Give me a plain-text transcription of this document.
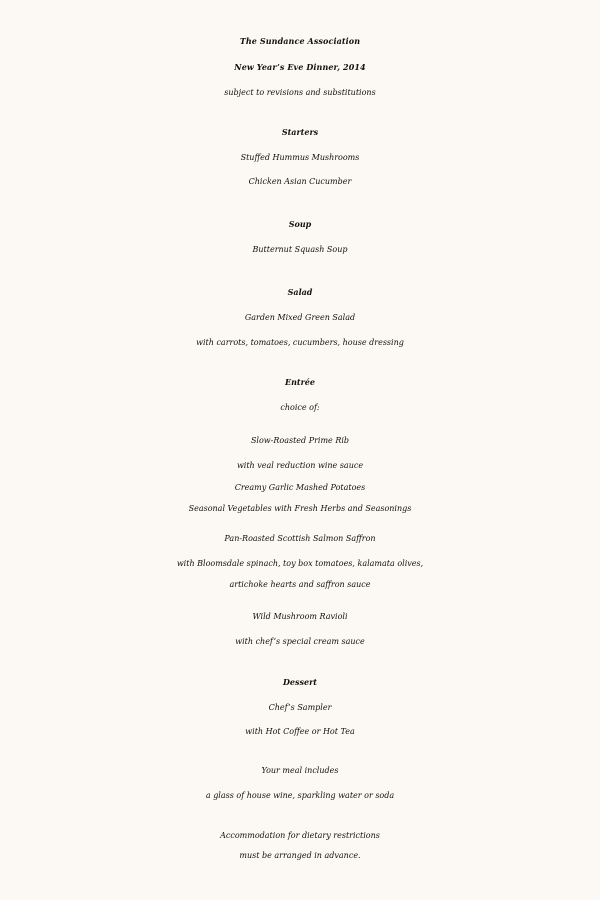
The Sundance Association
New Year’s Eve Dinner, 2014
subject to revisions and substitutions
Starters
Stuffed Hummus Mushrooms
Chicken Asian Cucumber
Soup
Butternut Squash Soup
Salad
Garden Mixed Green Salad
with carrots, tomatoes, cucumbers, house dressing
Entrée
choice of:
Slow-Roasted Prime Rib
with veal reduction wine sauce
Creamy Garlic Mashed Potatoes
Seasonal Vegetables with Fresh Herbs and Seasonings
Pan-Roasted Scottish Salmon Saffron
with Bloomsdale spinach, toy box tomatoes, kalamata olives,
artichoke hearts and saffron sauce
Wild Mushroom Ravioli
with chef’s special cream sauce
Dessert
Chef’s Sampler
with Hot Coffee or Hot Tea
Your meal includes
a glass of house wine, sparkling water or soda
Accommodation for dietary restrictions
must be arranged in advance.
